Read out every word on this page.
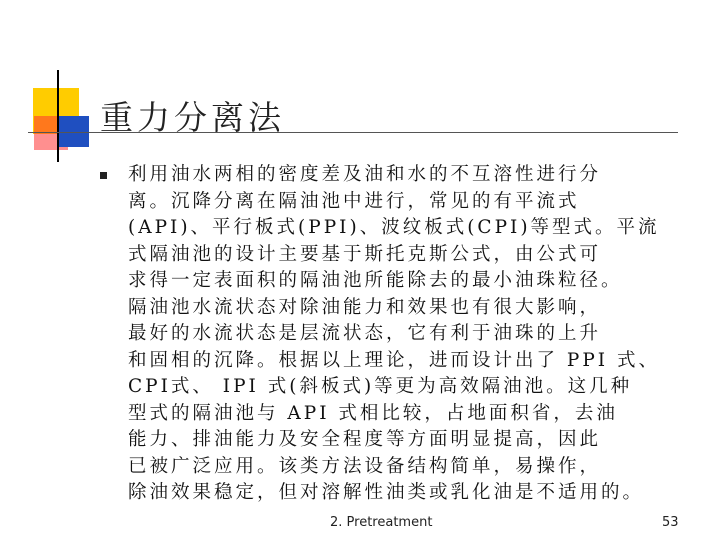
重力分离法
利用油水两相的密度差及油和水的不互溶性进行分
离。沉降分离在隔油池中进行，常见的有平流式
(API)、平行板式(PPI)、波纹板式(CPI)等型式。平流
式隔油池的设计主要基于斯托克斯公式，由公式可
求得一定表面积的隔油池所能除去的最小油珠粒径。
隔油池水流状态对除油能力和效果也有很大影响，
最好的水流状态是层流状态，它有利于油珠的上升
和固相的沉降。根据以上理论，进而设计出了 PPI 式、
CPI式、 IPI 式(斜板式)等更为高效隔油池。这几种
型式的隔油池与 API 式相比较，占地面积省，去油
能力、排油能力及安全程度等方面明显提高，因此
已被广泛应用。该类方法设备结构简单，易操作，
除油效果稳定，但对溶解性油类或乳化油是不适用的。
2. Pretreatment	53
